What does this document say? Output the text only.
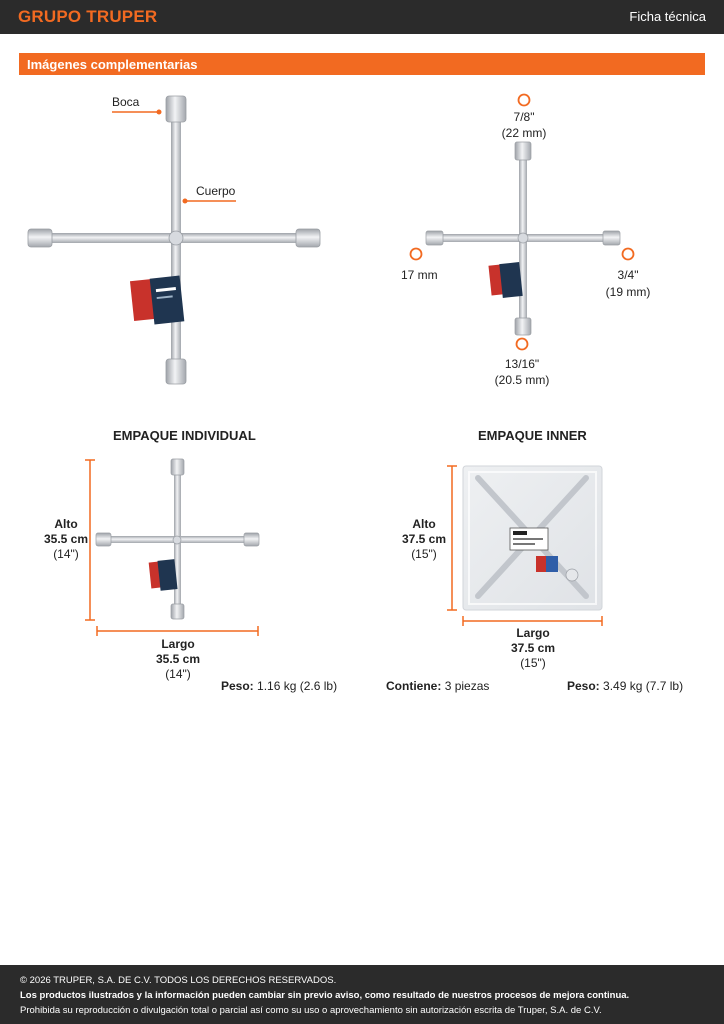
GRUPO TRUPER	Ficha técnica
Imágenes complementarias
Boca
Cuerpo
7/8"
(22 mm)
17 mm	3/4"
(19 mm)
13/16"
(20.5 mm)
EMPAQUE INDIVIDUAL
Alto
35.5 cm
(14")
Largo
35.5 cm
(14")
Peso: 1.16 kg (2.6 lb)
EMPAQUE INNER
Alto
37.5 cm
(15")
Largo
37.5 cm
(15")
Contiene: 3 piezas	Peso: 3.49 kg (7.7 lb)
© 2026 TRUPER, S.A. DE C.V. TODOS LOS DERECHOS RESERVADOS.
Los productos ilustrados y la información pueden cambiar sin previo aviso, como resultado de nuestros procesos de mejora continua.
Prohibida su reproducción o divulgación total o parcial así como su uso o aprovechamiento sin autorización escrita de Truper, S.A. de C.V.
